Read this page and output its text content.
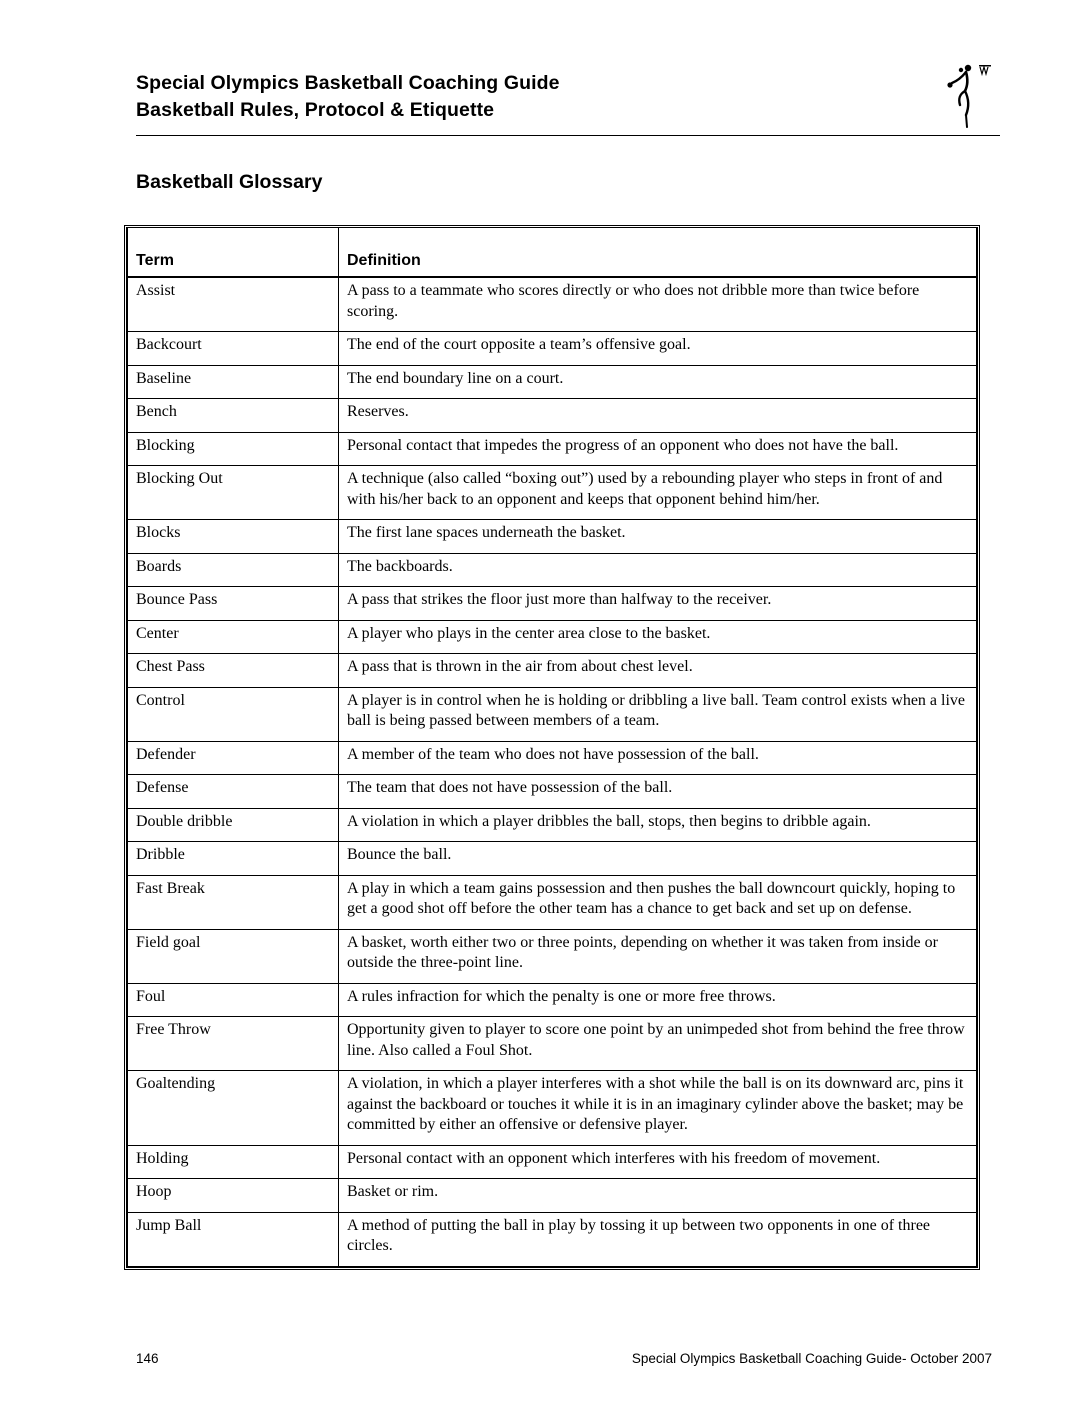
Special Olympics Basketball Coaching Guide
Basketball Rules, Protocol & Etiquette
Basketball Glossary
Term	Definition
Assist	A pass to a teammate who scores directly or who does not dribble more than twice before scoring.
Backcourt	The end of the court opposite a team’s offensive goal.
Baseline	The end boundary line on a court.
Bench	Reserves.
Blocking	Personal contact that impedes the progress of an opponent who does not have the ball.
Blocking Out	A technique (also called “boxing out”) used by a rebounding player who steps in front of and with his/her back to an opponent and keeps that opponent behind him/her.
Blocks	The first lane spaces underneath the basket.
Boards	The backboards.
Bounce Pass	A pass that strikes the floor just more than halfway to the receiver.
Center	A player who plays in the center area close to the basket.
Chest Pass	A pass that is thrown in the air from about chest level.
Control	A player is in control when he is holding or dribbling a live ball. Team control exists when a live ball is being passed between members of a team.
Defender	A member of the team who does not have possession of the ball.
Defense	The team that does not have possession of the ball.
Double dribble	A violation in which a player dribbles the ball, stops, then begins to dribble again.
Dribble	Bounce the ball.
Fast Break	A play in which a team gains possession and then pushes the ball downcourt quickly, hoping to get a good shot off before the other team has a chance to get back and set up on defense.
Field goal	A basket, worth either two or three points, depending on whether it was taken from inside or outside the three-point line.
Foul	A rules infraction for which the penalty is one or more free throws.
Free Throw	Opportunity given to player to score one point by an unimpeded shot from behind the free throw line. Also called a Foul Shot.
Goaltending	A violation, in which a player interferes with a shot while the ball is on its downward arc, pins it against the backboard or touches it while it is in an imaginary cylinder above the basket; may be committed by either an offensive or defensive player.
Holding	Personal contact with an opponent which interferes with his freedom of movement.
Hoop	Basket or rim.
Jump Ball	A method of putting the ball in play by tossing it up between two opponents in one of three circles.
146	Special Olympics Basketball Coaching Guide- October 2007
